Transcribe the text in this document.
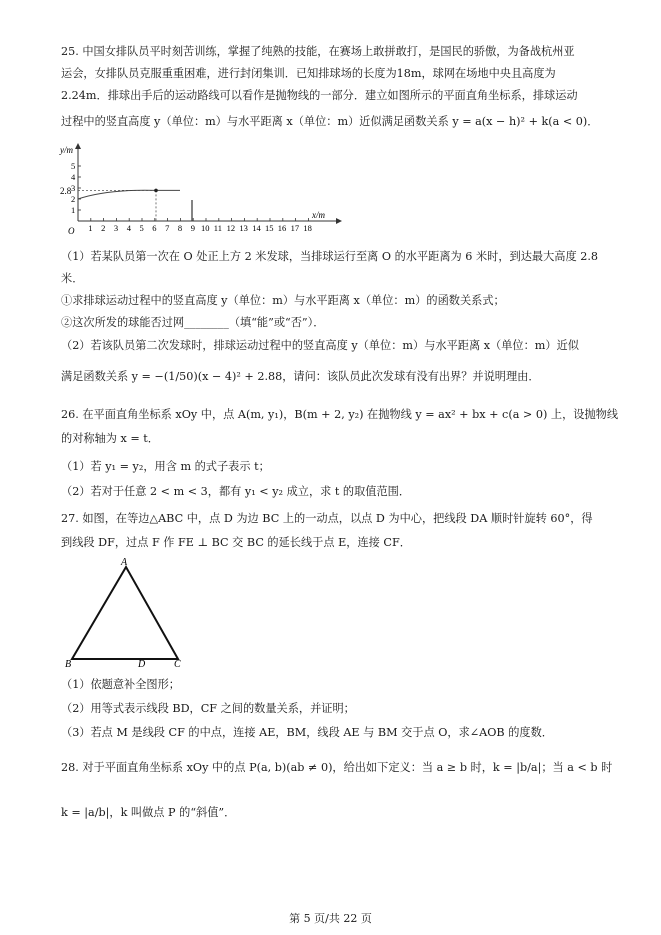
25. 中国女排队员平时刻苦训练，掌握了纯熟的技能，在赛场上敢拼敢打，是国民的骄傲，为备战杭州亚
运会，女排队员克服重重困难，进行封闭集训．已知排球场的长度为18m，球网在场地中央且高度为
2.24m．排球出手后的运动路线可以看作是抛物线的一部分．建立如图所示的平面直角坐标系，排球运动
过程中的竖直高度 y（单位：m）与水平距离 x（单位：m）近似满足函数关系 y = a(x − h)² + k(a < 0)．
y/m
x/m
O
1
2
3
4
5
1 2 3 4 5 6 7 8 9 10 11 12 13 14 15 16 17 18
2.8
（1）若某队员第一次在 O 处正上方 2 米发球，当排球运行至离 O 的水平距离为 6 米时，到达最大高度 2.8
米．
①求排球运动过程中的竖直高度 y（单位：m）与水平距离 x（单位：m）的函数关系式；
②这次所发的球能否过网________（填“能”或“否”）．
（2）若该队员第二次发球时，排球运动过程中的竖直高度 y（单位：m）与水平距离 x（单位：m）近似
满足函数关系 y = −(1/50)(x − 4)² + 2.88，请问：该队员此次发球有没有出界？并说明理由．
26. 在平面直角坐标系 xOy 中，点 A(m, y₁)，B(m + 2, y₂) 在抛物线 y = ax² + bx + c(a > 0) 上，设抛物线
的对称轴为 x = t．
（1）若 y₁ = y₂，用含 m 的式子表示 t；
（2）若对于任意 2 < m < 3，都有 y₁ < y₂ 成立，求 t 的取值范围．
27. 如图，在等边△ABC 中，点 D 为边 BC 上的一动点，以点 D 为中心，把线段 DA 顺时针旋转 60°，得
到线段 DF，过点 F 作 FE ⊥ BC 交 BC 的延长线于点 E，连接 CF．
A
B	C
D
（1）依题意补全图形；
（2）用等式表示线段 BD，CF 之间的数量关系，并证明；
（3）若点 M 是线段 CF 的中点，连接 AE，BM，线段 AE 与 BM 交于点 O，求∠AOB 的度数．
28. 对于平面直角坐标系 xOy 中的点 P(a, b)(ab ≠ 0)，给出如下定义：当 a ≥ b 时，k = |b/a|；当 a < b 时
k = |a/b|，k 叫做点 P 的“斜值”．
第 5 页/共 22 页
